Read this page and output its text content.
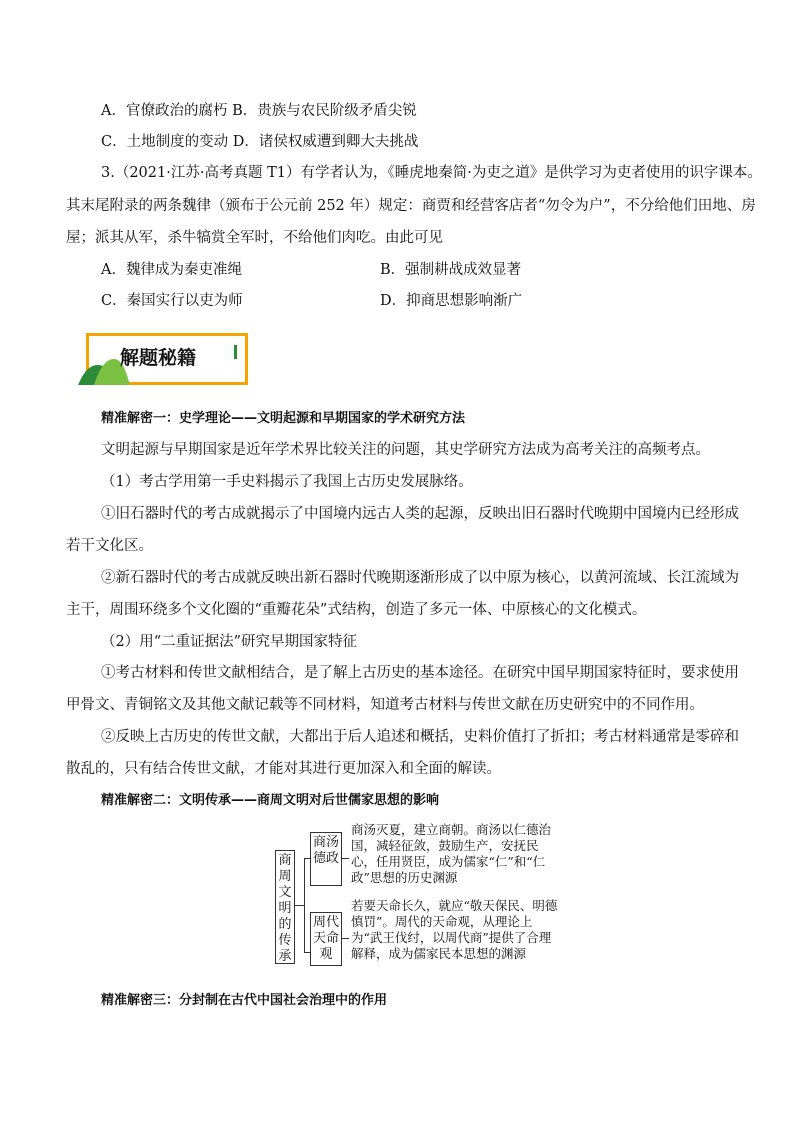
A．官僚政治的腐朽 B．贵族与农民阶级矛盾尖锐
C．土地制度的变动 D．诸侯权威遭到卿大夫挑战
3.（2021·江苏·高考真题 T1）有学者认为，《睡虎地秦简·为吏之道》是供学习为吏者使用的识字课本。
其末尾附录的两条魏律（颁布于公元前 252 年）规定：商贾和经营客店者“勿令为户”，不分给他们田地、房
屋；派其从军，杀牛犒赏全军时，不给他们肉吃。由此可见
A．魏律成为秦吏准绳	B．强制耕战成效显著
C．秦国实行以吏为师	D．抑商思想影响渐广
解题秘籍
精准解密一：史学理论——文明起源和早期国家的学术研究方法
文明起源与早期国家是近年学术界比较关注的问题，其史学研究方法成为高考关注的高频考点。
（1）考古学用第一手史料揭示了我国上古历史发展脉络。
①旧石器时代的考古成就揭示了中国境内远古人类的起源，反映出旧石器时代晚期中国境内已经形成
若干文化区。
②新石器时代的考古成就反映出新石器时代晚期逐渐形成了以中原为核心，以黄河流域、长江流域为
主干，周围环绕多个文化圈的“重瓣花朵”式结构，创造了多元一体、中原核心的文化模式。
（2）用“二重证据法”研究早期国家特征
①考古材料和传世文献相结合，是了解上古历史的基本途径。在研究中国早期国家特征时，要求使用
甲骨文、青铜铭文及其他文献记载等不同材料，知道考古材料与传世文献在历史研究中的不同作用。
②反映上古历史的传世文献，大都出于后人追述和概括，史料价值打了折扣；考古材料通常是零碎和
散乱的，只有结合传世文献，才能对其进行更加深入和全面的解读。
精准解密二：文明传承——商周文明对后世儒家思想的影响
商周文明的传承
商汤德政
商汤灭夏，建立商朝。商汤以仁德治国，减轻征敛，鼓励生产，安抚民心，任用贤臣，成为儒家“仁”和“仁政”思想的历史渊源
周代天命观
若要天命长久，就应“敬天保民、明德慎罚”。周代的天命观，从理论上为“武王伐纣，以周代商”提供了合理解释，成为儒家民本思想的渊源
精准解密三：分封制在古代中国社会治理中的作用
